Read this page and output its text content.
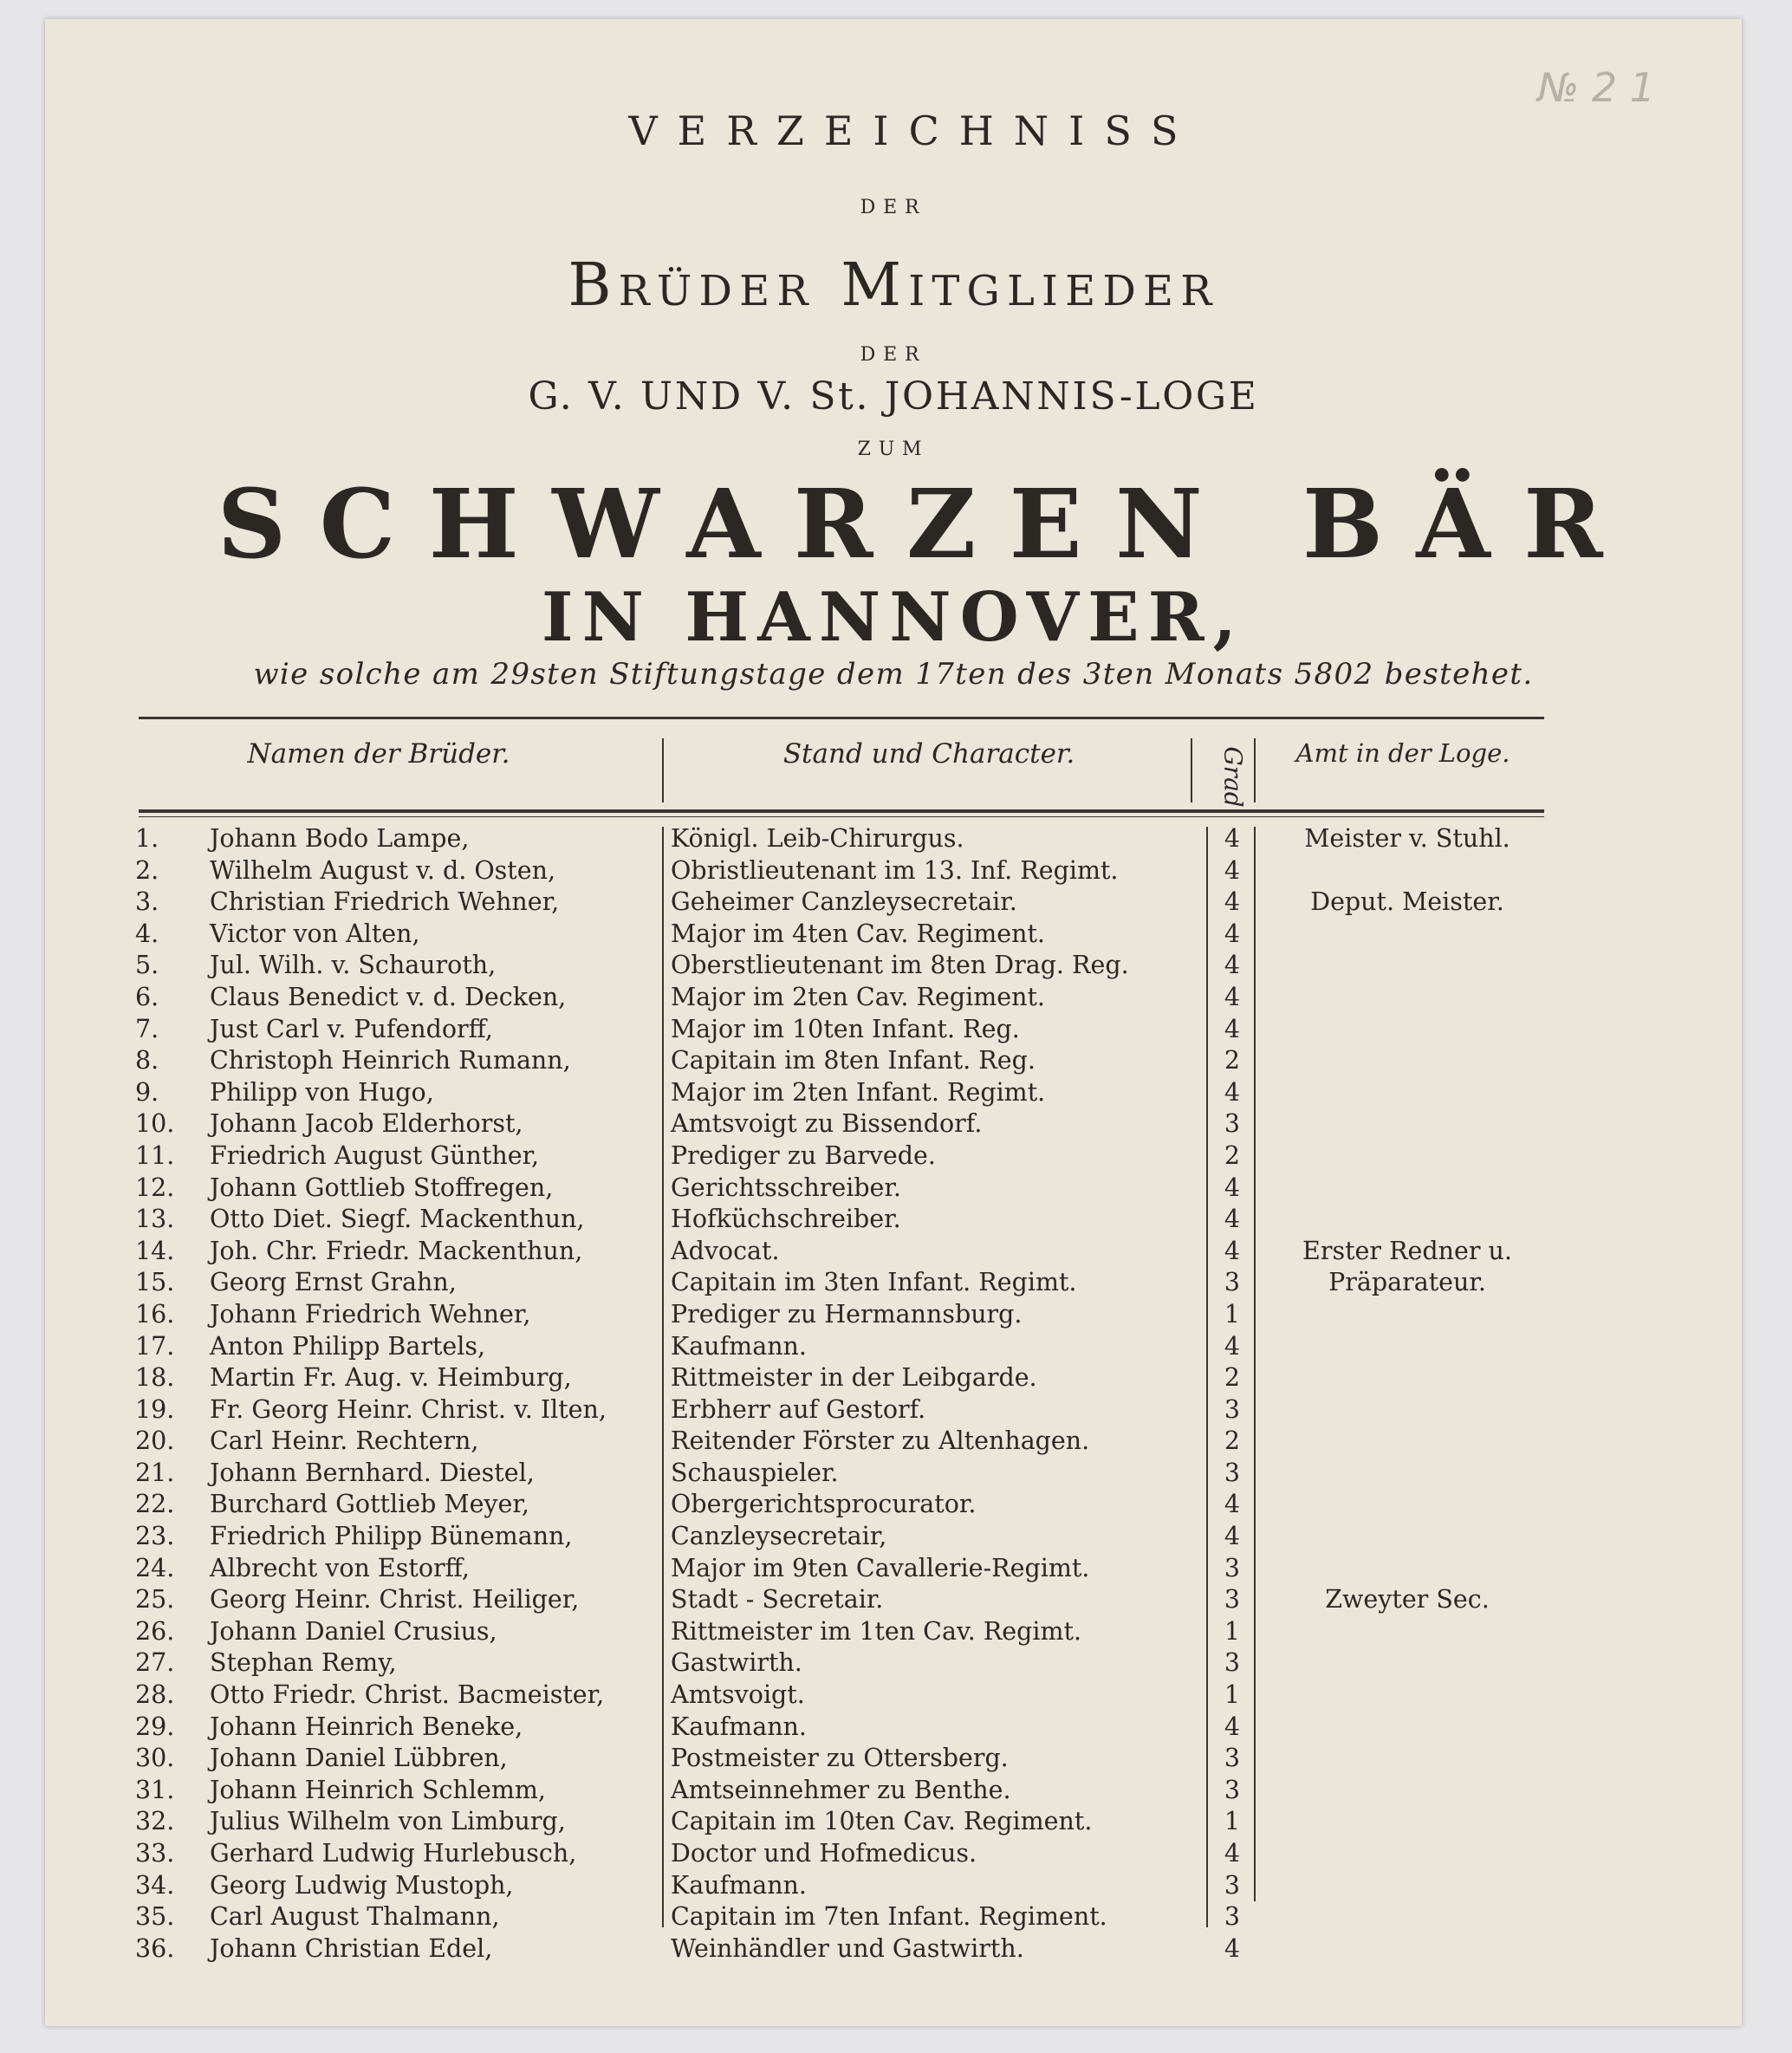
№ 2 1

VERZEICHNISS

DER

Brüder Mitglieder

DER

G. V. UND V. St. JOHANNIS-LOGE

ZUM

SCHWARZEN BÄR

IN HANNOVER,

wie solche am 29sten Stiftungstage dem 17ten des 3ten Monats 5802 bestehet.

Namen der Brüder.	Stand und Character.	Grad	Amt in der Loge.

1.	Johann Bodo Lampe,	Königl. Leib-Chirurgus.	4	Meister v. Stuhl.
2.	Wilhelm August v. d. Osten,	Obristlieutenant im 13. Inf. Regimt.	4
3.	Christian Friedrich Wehner,	Geheimer Canzleysecretair.	4	Deput. Meister.
4.	Victor von Alten,	Major im 4ten Cav. Regiment.	4
5.	Jul. Wilh. v. Schauroth,	Oberstlieutenant im 8ten Drag. Reg.	4
6.	Claus Benedict v. d. Decken,	Major im 2ten Cav. Regiment.	4
7.	Just Carl v. Pufendorff,	Major im 10ten Infant. Reg.	4
8.	Christoph Heinrich Rumann,	Capitain im 8ten Infant. Reg.	2
9.	Philipp von Hugo,	Major im 2ten Infant. Regimt.	4
10.	Johann Jacob Elderhorst,	Amtsvoigt zu Bissendorf.	3
11.	Friedrich August Günther,	Prediger zu Barvede.	2
12.	Johann Gottlieb Stoffregen,	Gerichtsschreiber.	4
13.	Otto Diet. Siegf. Mackenthun,	Hofküchschreiber.	4
14.	Joh. Chr. Friedr. Mackenthun,	Advocat.	4	Erster Redner u.
15.	Georg Ernst Grahn,	Capitain im 3ten Infant. Regimt.	3	Präparateur.
16.	Johann Friedrich Wehner,	Prediger zu Hermannsburg.	1
17.	Anton Philipp Bartels,	Kaufmann.	4
18.	Martin Fr. Aug. v. Heimburg,	Rittmeister in der Leibgarde.	2
19.	Fr. Georg Heinr. Christ. v. Ilten,	Erbherr auf Gestorf.	3
20.	Carl Heinr. Rechtern,	Reitender Förster zu Altenhagen.	2
21.	Johann Bernhard. Diestel,	Schauspieler.	3
22.	Burchard Gottlieb Meyer,	Obergerichtsprocurator.	4
23.	Friedrich Philipp Bünemann,	Canzleysecretair,	4
24.	Albrecht von Estorff,	Major im 9ten Cavallerie-Regimt.	3
25.	Georg Heinr. Christ. Heiliger,	Stadt - Secretair.	3	Zweyter Sec.
26.	Johann Daniel Crusius,	Rittmeister im 1ten Cav. Regimt.	1
27.	Stephan Remy,	Gastwirth.	3
28.	Otto Friedr. Christ. Bacmeister,	Amtsvoigt.	1
29.	Johann Heinrich Beneke,	Kaufmann.	4
30.	Johann Daniel Lübbren,	Postmeister zu Ottersberg.	3
31.	Johann Heinrich Schlemm,	Amtseinnehmer zu Benthe.	3
32.	Julius Wilhelm von Limburg,	Capitain im 10ten Cav. Regiment.	1
33.	Gerhard Ludwig Hurlebusch,	Doctor und Hofmedicus.	4
34.	Georg Ludwig Mustoph,	Kaufmann.	3
35.	Carl August Thalmann,	Capitain im 7ten Infant. Regiment.	3
36.	Johann Christian Edel,	Weinhändler und Gastwirth.	4
